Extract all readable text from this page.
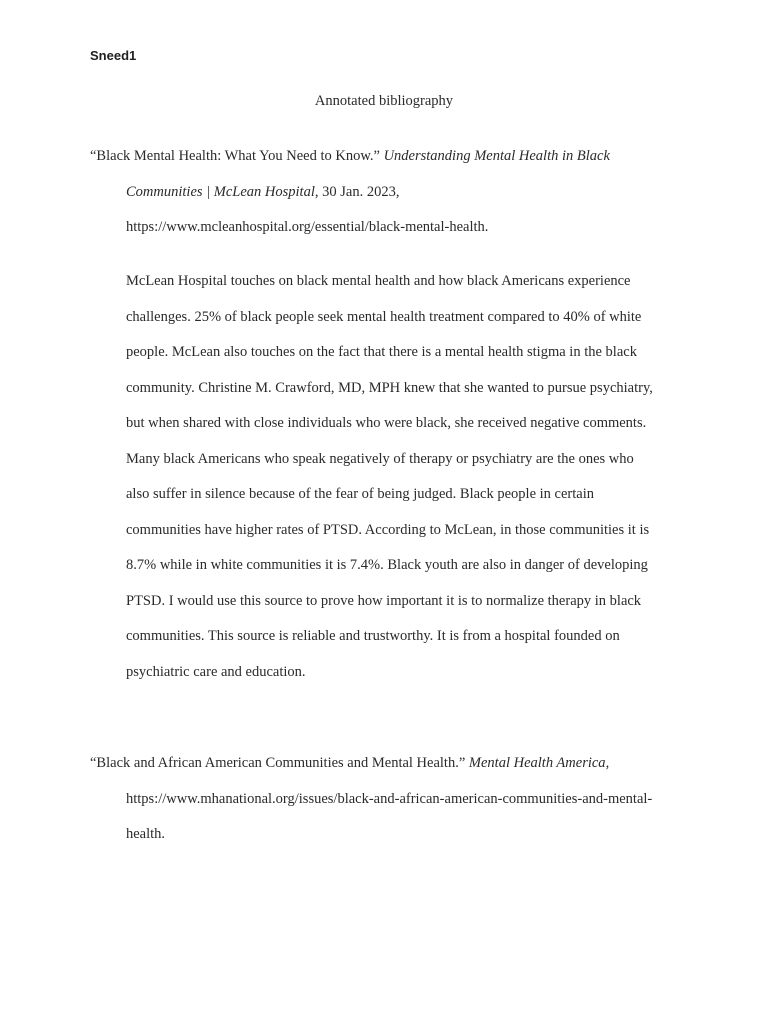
Sneed1
Annotated bibliography
“Black Mental Health: What You Need to Know.” Understanding Mental Health in Black
Communities | McLean Hospital, 30 Jan. 2023,
https://www.mcleanhospital.org/essential/black-mental-health.
McLean Hospital touches on black mental health and how black Americans experience
challenges. 25% of black people seek mental health treatment compared to 40% of white
people. McLean also touches on the fact that there is a mental health stigma in the black
community. Christine M. Crawford, MD, MPH knew that she wanted to pursue psychiatry,
but when shared with close individuals who were black, she received negative comments.
Many black Americans who speak negatively of therapy or psychiatry are the ones who
also suffer in silence because of the fear of being judged. Black people in certain
communities have higher rates of PTSD. According to McLean, in those communities it is
8.7% while in white communities it is 7.4%. Black youth are also in danger of developing
PTSD. I would use this source to prove how important it is to normalize therapy in black
communities. This source is reliable and trustworthy. It is from a hospital founded on
psychiatric care and education.
“Black and African American Communities and Mental Health.” Mental Health America,
https://www.mhanational.org/issues/black-and-african-american-communities-and-mental-
health.
